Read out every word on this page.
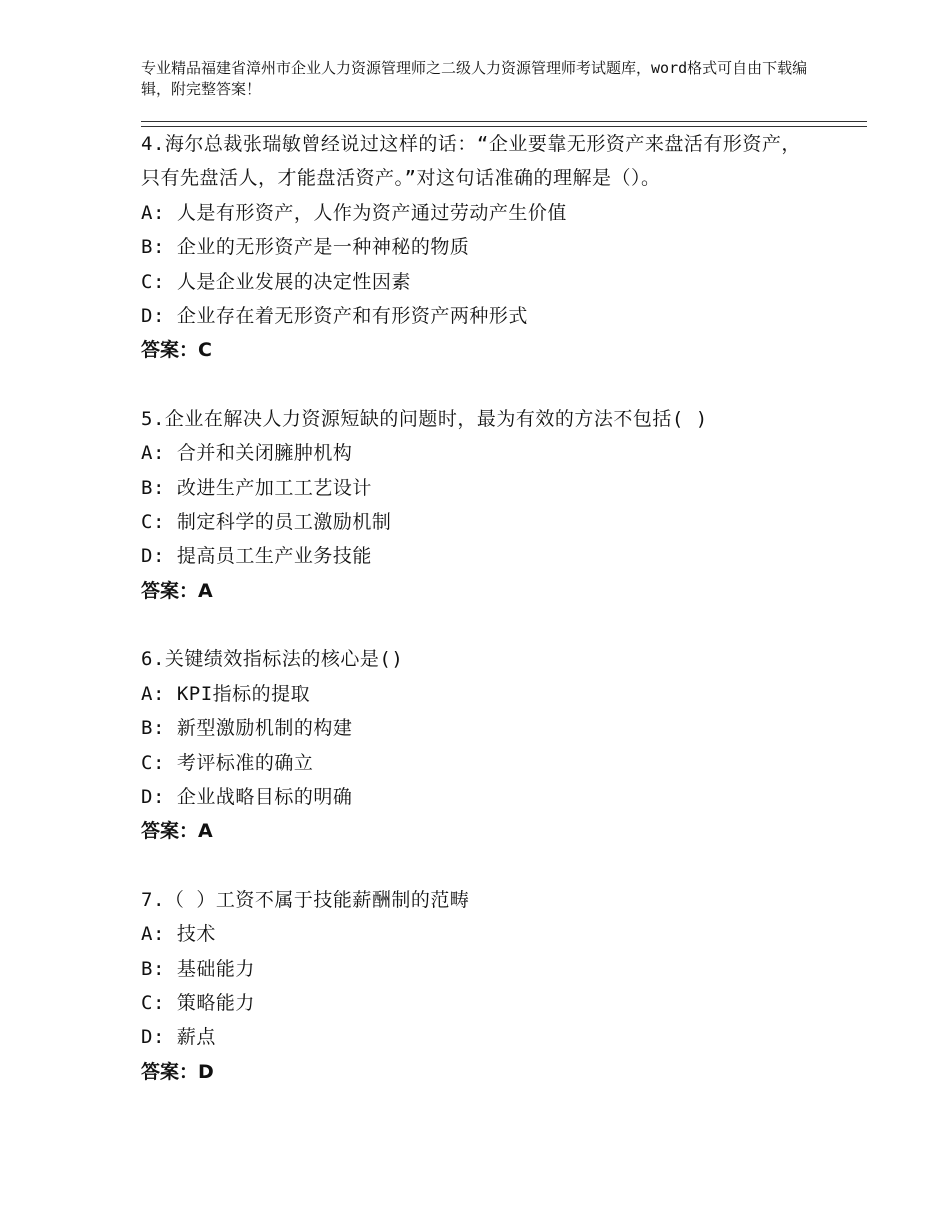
专业精品福建省漳州市企业人力资源管理师之二级人力资源管理师考试题库，word格式可自由下载编辑，附完整答案！
4.海尔总裁张瑞敏曾经说过这样的话：“企业要靠无形资产来盘活有形资产，只有先盘活人，才能盘活资产。”对这句话准确的理解是（）。
A: 人是有形资产，人作为资产通过劳动产生价值
B: 企业的无形资产是一种神秘的物质
C: 人是企业发展的决定性因素
D: 企业存在着无形资产和有形资产两种形式
答案：C
5.企业在解决人力资源短缺的问题时，最为有效的方法不包括( )
A: 合并和关闭臃肿机构
B: 改进生产加工工艺设计
C: 制定科学的员工激励机制
D: 提高员工生产业务技能
答案：A
6.关键绩效指标法的核心是()
A: KPI指标的提取
B: 新型激励机制的构建
C: 考评标准的确立
D: 企业战略目标的明确
答案：A
7.（ ）工资不属于技能薪酬制的范畴
A: 技术
B: 基础能力
C: 策略能力
D: 薪点
答案：D
